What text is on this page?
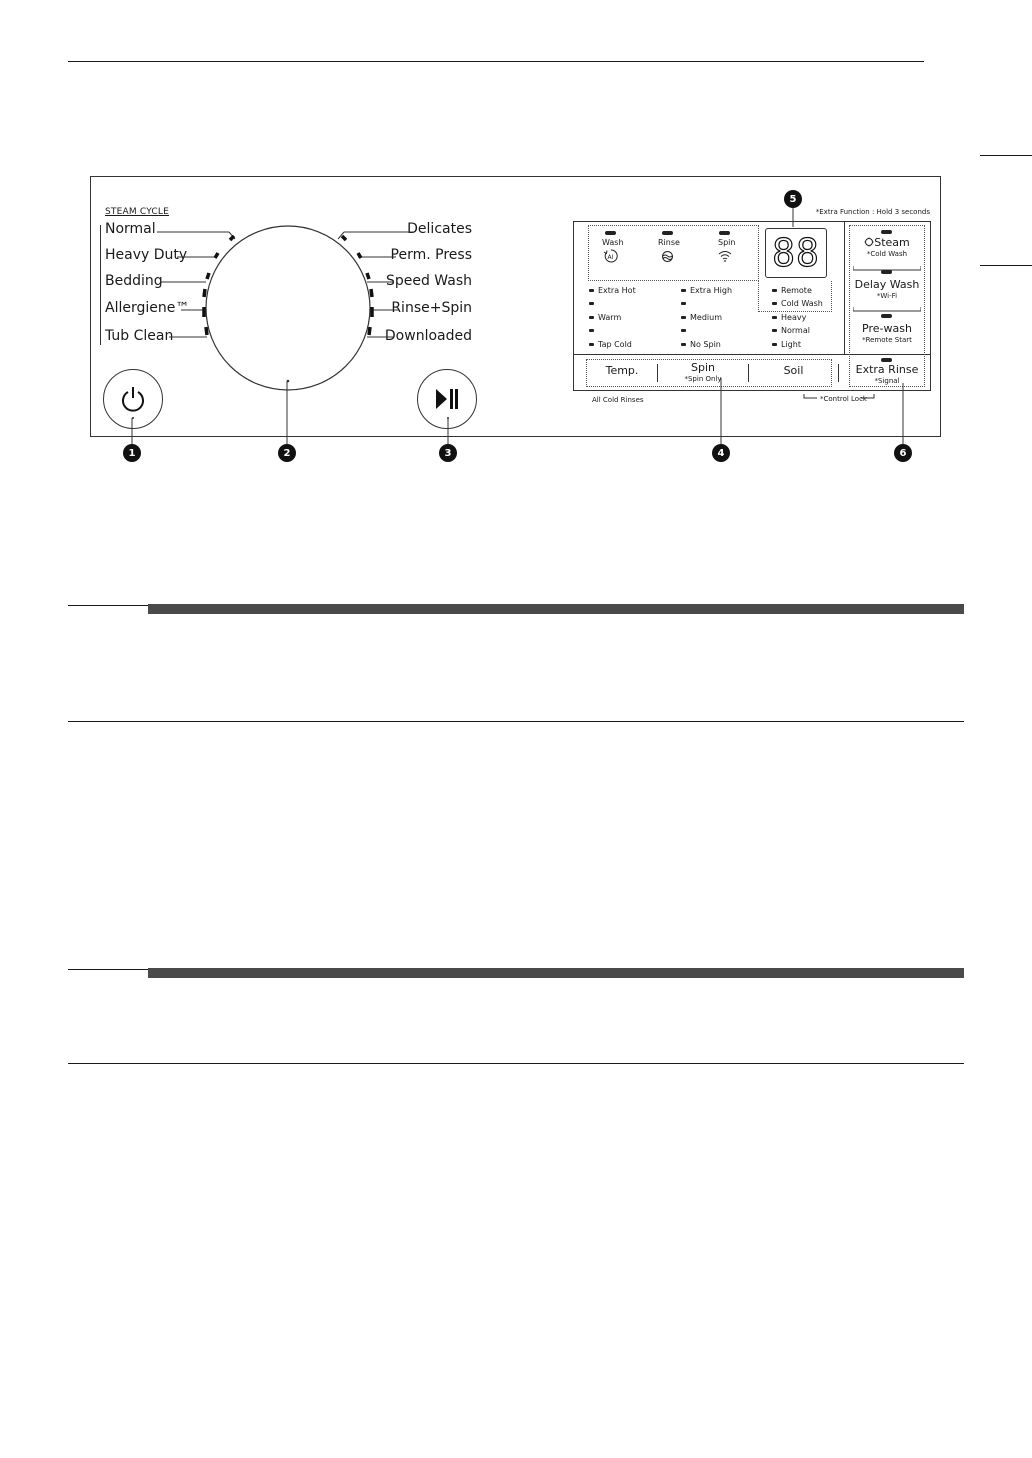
STEAM CYCLE
Normal
Heavy Duty
Bedding
Allergiene™
Tub Clean
Delicates
Perm. Press
Speed Wash
Rinse+Spin
Downloaded
*Extra Function : Hold 3 seconds
Wash
AI
Rinse	Spin 88
Extra Hot
Warm
Tap Cold
Extra High
Medium
No Spin
Remote
Cold Wash
Heavy
Normal
Light
Temp.	Spin
*Spin Only
Soil
Steam
*Cold Wash
Delay Wash
*Wi-Fi
Pre-wash
*Remote Start
Extra Rinse
*Signal
All Cold Rinses	*Control Lock
1	2	3	4
5
6
